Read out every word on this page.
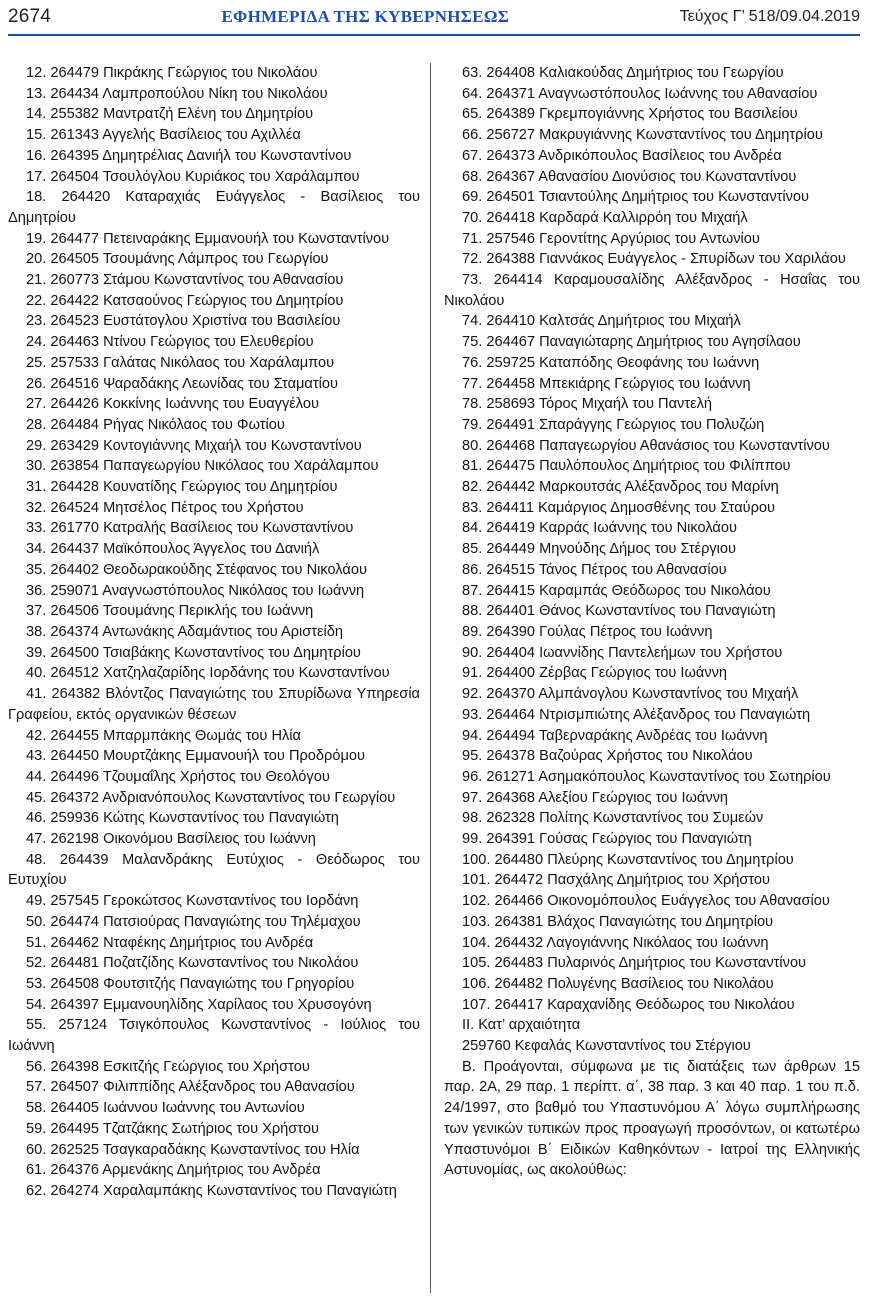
2674	ΕΦΗΜΕΡΙΔΑ ΤΗΣ ΚΥΒΕΡΝΗΣΕΩΣ	Τεύχος Γ’ 518/09.04.2019
12. 264479 Πικράκης Γεώργιος του Νικολάου
13. 264434 Λαμπροπούλου Νίκη του Νικολάου
14. 255382 Μαντρατζή Ελένη του Δημητρίου
15. 261343 Αγγελής Βασίλειος του Αχιλλέα
16. 264395 Δημητρέλιας Δανιήλ του Κωνσταντίνου
17. 264504 Τσουλόγλου Κυριάκος του Χαράλαμπου
18. 264420 Καταραχιάς Ευάγγελος - Βασίλειος του Δημητρίου
19. 264477 Πετειναράκης Εμμανουήλ του Κωνσταντίνου
20. 264505 Τσουμάνης Λάμπρος του Γεωργίου
21. 260773 Στάμου Κωνσταντίνος του Αθανασίου
22. 264422 Κατσαούνος Γεώργιος του Δημητρίου
23. 264523 Ευστάτογλου Χριστίνα του Βασιλείου
24. 264463 Ντίνου Γεώργιος του Ελευθερίου
25. 257533 Γαλάτας Νικόλαος του Χαράλαμπου
26. 264516 Ψαραδάκης Λεωνίδας του Σταματίου
27. 264426 Κοκκίνης Ιωάννης του Ευαγγέλου
28. 264484 Ρήγας Νικόλαος του Φωτίου
29. 263429 Κοντογιάννης Μιχαήλ του Κωνσταντίνου
30. 263854 Παπαγεωργίου Νικόλαος του Χαράλαμπου
31. 264428 Κουνατίδης Γεώργιος του Δημητρίου
32. 264524 Μητσέλος Πέτρος του Χρήστου
33. 261770 Κατραλής Βασίλειος του Κωνσταντίνου
34. 264437 Μαϊκόπουλος Άγγελος του Δανιήλ
35. 264402 Θεοδωρακούδης Στέφανος του Νικολάου
36. 259071 Αναγνωστόπουλος Νικόλαος του Ιωάννη
37. 264506 Τσουμάνης Περικλής του Ιωάννη
38. 264374 Αντωνάκης Αδαμάντιος του Αριστείδη
39. 264500 Τσιαβάκης Κωνσταντίνος του Δημητρίου
40. 264512 Χατζηλαζαρίδης Ιορδάνης του Κωνσταντίνου
41. 264382 Βλόντζος Παναγιώτης του Σπυρίδωνα Υπηρεσία Γραφείου, εκτός οργανικών θέσεων
42. 264455 Μπαρμπάκης Θωμάς του Ηλία
43. 264450 Μουρτζάκης Εμμανουήλ του Προδρόμου
44. 264496 Τζουμαΐλης Χρήστος του Θεολόγου
45. 264372 Ανδριανόπουλος Κωνσταντίνος του Γεωργίου
46. 259936 Κώτης Κωνσταντίνος του Παναγιώτη
47. 262198 Οικονόμου Βασίλειος του Ιωάννη
48. 264439 Μαλανδράκης Ευτύχιος - Θεόδωρος του Ευτυχίου
49. 257545 Γεροκώτσος Κωνσταντίνος του Ιορδάνη
50. 264474 Πατσιούρας Παναγιώτης του Τηλέμαχου
51. 264462 Νταφέκης Δημήτριος του Ανδρέα
52. 264481 Ποζατζίδης Κωνσταντίνος του Νικολάου
53. 264508 Φουτσιτζής Παναγιώτης του Γρηγορίου
54. 264397 Εμμανουηλίδης Χαρίλαος του Χρυσογόνη
55. 257124 Τσιγκόπουλος Κωνσταντίνος - Ιούλιος του Ιωάννη
56. 264398 Εσκιτζής Γεώργιος του Χρήστου
57. 264507 Φιλιππίδης Αλέξανδρος του Αθανασίου
58. 264405 Ιωάννου Ιωάννης του Αντωνίου
59. 264495 Τζατζάκης Σωτήριος του Χρήστου
60. 262525 Τσαγκαραδάκης Κωνσταντίνος του Ηλία
61. 264376 Αρμενάκης Δημήτριος του Ανδρέα
62. 264274 Χαραλαμπάκης Κωνσταντίνος του Παναγιώτη
63. 264408 Καλιακούδας Δημήτριος του Γεωργίου
64. 264371 Αναγνωστόπουλος Ιωάννης του Αθανασίου
65. 264389 Γκρεμπογιάννης Χρήστος του Βασιλείου
66. 256727 Μακρυγιάννης Κωνσταντίνος του Δημητρίου
67. 264373 Ανδρικόπουλος Βασίλειος του Ανδρέα
68. 264367 Αθανασίου Διονύσιος του Κωνσταντίνου
69. 264501 Τσιαντούλης Δημήτριος του Κωνσταντίνου
70. 264418 Καρδαρά Καλλιρρόη του Μιχαήλ
71. 257546 Γεροντίτης Αργύριος του Αντωνίου
72. 264388 Γιαννάκος Ευάγγελος - Σπυρίδων του Χαριλάου
73. 264414 Καραμουσαλίδης Αλέξανδρος - Ησαΐας του Νικολάου
74. 264410 Καλτσάς Δημήτριος του Μιχαήλ
75. 264467 Παναγιώταρης Δημήτριος του Αγησίλαου
76. 259725 Καταπόδης Θεοφάνης του Ιωάννη
77. 264458 Μπεκιάρης Γεώργιος του Ιωάννη
78. 258693 Τόρος Μιχαήλ του Παντελή
79. 264491 Σπαράγγης Γεώργιος του Πολυζώη
80. 264468 Παπαγεωργίου Αθανάσιος του Κωνσταντίνου
81. 264475 Παυλόπουλος Δημήτριος του Φιλίππου
82. 264442 Μαρκουτσάς Αλέξανδρος του Μαρίνη
83. 264411 Καμάργιος Δημοσθένης του Σταύρου
84. 264419 Καρράς Ιωάννης του Νικολάου
85. 264449 Μηνούδης Δήμος του Στέργιου
86. 264515 Τάνος Πέτρος του Αθανασίου
87. 264415 Καραμπάς Θεόδωρος του Νικολάου
88. 264401 Θάνος Κωνσταντίνος του Παναγιώτη
89. 264390 Γούλας Πέτρος του Ιωάννη
90. 264404 Ιωαννίδης Παντελεήμων του Χρήστου
91. 264400 Ζέρβας Γεώργιος του Ιωάννη
92. 264370 Αλμπάνογλου Κωνσταντίνος του Μιχαήλ
93. 264464 Ντρισμπιώτης Αλέξανδρος του Παναγιώτη
94. 264494 Ταβερναράκης Ανδρέας του Ιωάννη
95. 264378 Βαζούρας Χρήστος του Νικολάου
96. 261271 Ασημακόπουλος Κωνσταντίνος του Σωτηρίου
97. 264368 Αλεξίου Γεώργιος του Ιωάννη
98. 262328 Πολίτης Κωνσταντίνος του Συμεών
99. 264391 Γούσας Γεώργιος του Παναγιώτη
100. 264480 Πλεύρης Κωνσταντίνος του Δημητρίου
101. 264472 Πασχάλης Δημήτριος του Χρήστου
102. 264466 Οικονομόπουλος Ευάγγελος του Αθανασίου
103. 264381 Βλάχος Παναγιώτης του Δημητρίου
104. 264432 Λαγογιάννης Νικόλαος του Ιωάννη
105. 264483 Πυλαρινός Δημήτριος του Κωνσταντίνου
106. 264482 Πολυγένης Βασίλειος του Νικολάου
107. 264417 Καραχανίδης Θεόδωρος του Νικολάου
ΙΙ. Κατ’ αρχαιότητα
259760 Κεφαλάς Κωνσταντίνος του Στέργιου
Β. Προάγονται, σύμφωνα με τις διατάξεις των άρθρων 15 παρ. 2Α, 29 παρ. 1 περίπτ. α΄, 38 παρ. 3 και 40 παρ. 1 του π.δ. 24/1997, στο βαθμό του Υπαστυνόμου Α΄ λόγω συμπλήρωσης των γενικών τυπικών προς προαγωγή προσόντων, οι κατωτέρω Υπαστυνόμοι Β΄ Ειδικών Καθηκόντων - Ιατροί της Ελληνικής Αστυνομίας, ως ακολούθως:
